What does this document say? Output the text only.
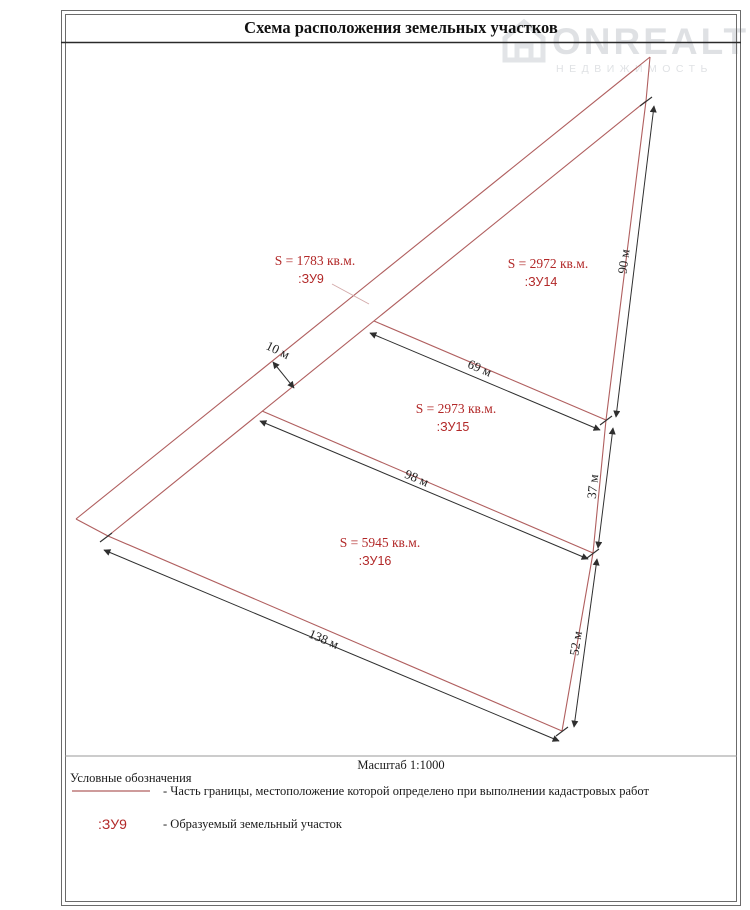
ONREALT
НЕДВИЖИМОСТЬ
Схема расположения земельных участков
90 м
69 м
10 м
98 м	37 м
52 м
138 м
S = 1783 кв.м.
:ЗУ9
S = 2972 кв.м.
:ЗУ14
S = 2973 кв.м.
:ЗУ15
S = 5945 кв.м.
:ЗУ16
Масштаб 1:1000
Условные обозначения
- Часть границы, местоположение которой определено при выполнении кадастровых работ
:ЗУ9	- Образуемый земельный участок
